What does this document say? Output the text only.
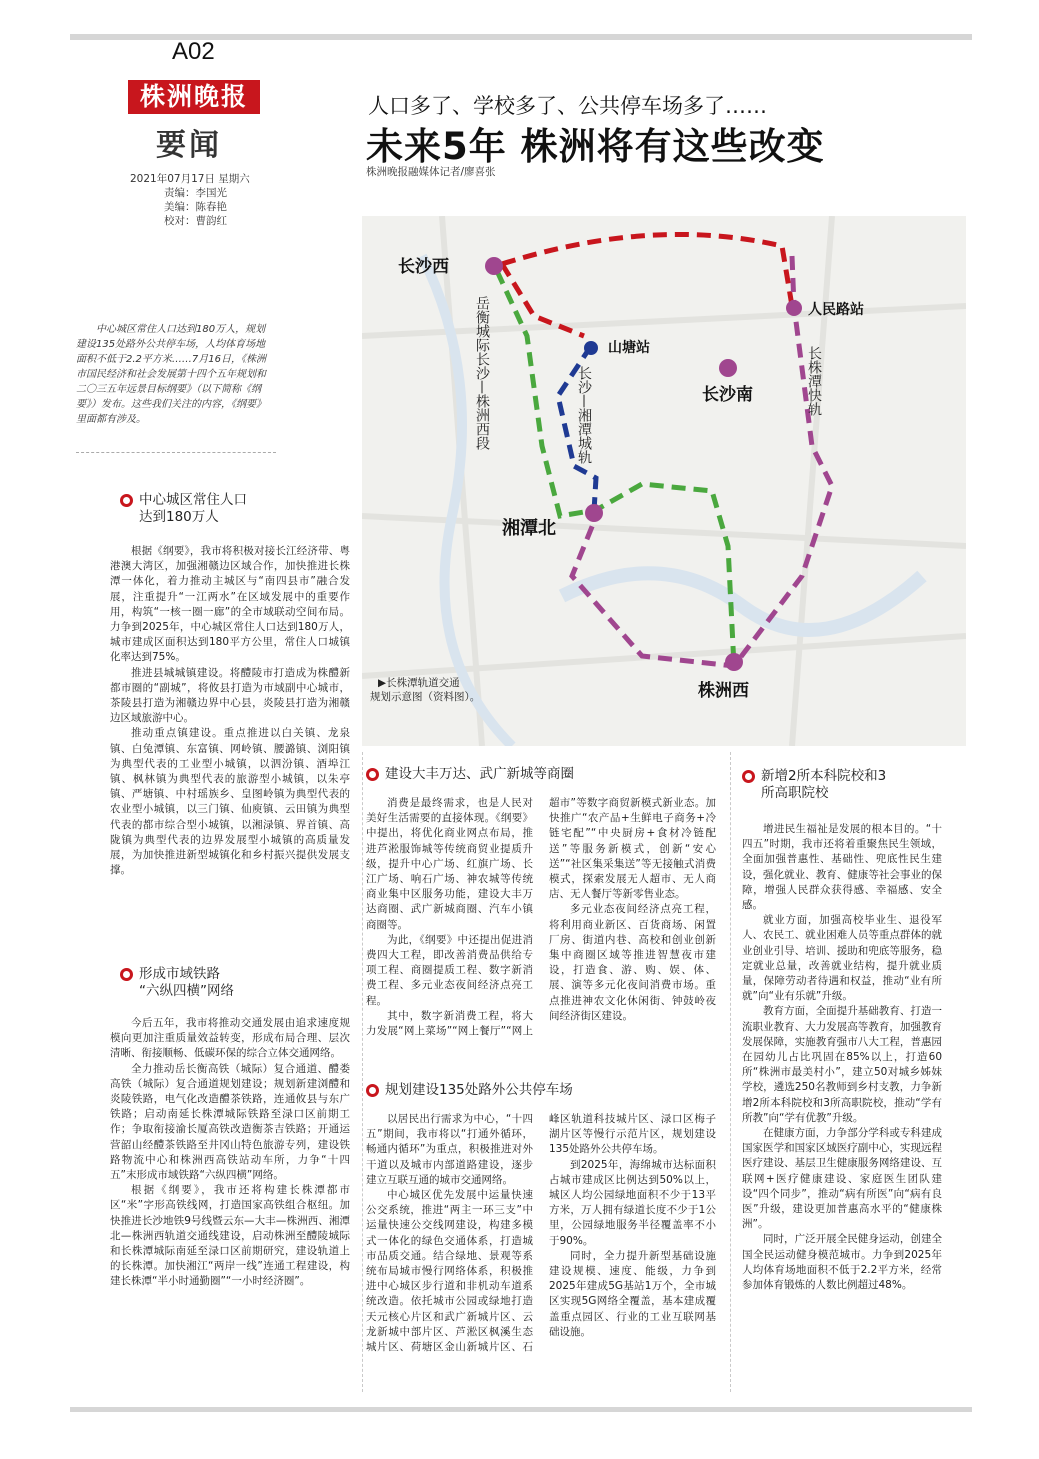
A02
株洲晚报
要闻
2021年07月17日 星期六
责编：李国光
美编：陈春艳
校对：曹韵红
人口多了、学校多了、公共停车场多了……
未来5年 株洲将有这些改变
株洲晚报融媒体记者/廖喜张
中心城区常住人口达到180万人，规划建设135处路外公共停车场，人均体育场地面积不低于2.2平方米……7月16日，《株洲市国民经济和社会发展第十四个五年规划和二〇三五年远景目标纲要》（以下简称《纲要》）发布。这些我们关注的内容，《纲要》里面都有涉及。
长沙西
人民路站
山塘站
长沙南
湘潭北
株洲西
岳衡城际长沙—株洲西段	长沙—湘潭城轨	长株潭快轨
▶长株潭轨道交通
规划示意图（资料图）。
中心城区常住人口
达到180万人

根据《纲要》，我市将积极对接长江经济带、粤港澳大湾区，加强湘赣边区域合作，加快推进长株潭一体化，着力推动主城区与“南四县市”融合发展，注重提升“一江两水”在区域发展中的重要作用，构筑“一核一圈一廊”的全市域联动空间布局。力争到2025年，中心城区常住人口达到180万人，城市建成区面积达到180平方公里，常住人口城镇化率达到75%。

推进县城城镇建设。将醴陵市打造成为株醴新都市圈的“副城”，将攸县打造为市域副中心城市，茶陵县打造为湘赣边界中心县，炎陵县打造为湘赣边区域旅游中心。

推动重点镇建设。重点推进以白关镇、龙泉镇、白兔潭镇、东富镇、网岭镇、腰潞镇、浏阳镇为典型代表的工业型小城镇，以泗汾镇、酒埠江镇、枫林镇为典型代表的旅游型小城镇，以朱亭镇、严塘镇、中村瑶族乡、皇图岭镇为典型代表的农业型小城镇，以三门镇、仙庾镇、云田镇为典型代表的都市综合型小城镇，以湘渌镇、界首镇、高陇镇为典型代表的边界发展型小城镇的高质量发展，为加快推进新型城镇化和乡村振兴提供发展支撑。

形成市域铁路
“六纵四横”网络

今后五年，我市将推动交通发展由追求速度规模向更加注重质量效益转变，形成布局合理、层次清晰、衔接顺畅、低碳环保的综合立体交通网络。

全力推动岳长衡高铁（城际）复合通道、醴娄高铁（城际）复合通道规划建设；规划新建浏醴和炎陵铁路，电气化改造醴茶铁路，连通攸县与东广铁路；启动南延长株潭城际铁路至渌口区前期工作；争取衔接渝长厦高铁改造衡茶吉铁路；开通运营韶山经醴茶铁路至井冈山特色旅游专列，建设铁路物流中心和株洲西高铁站动车所，力争“十四五”末形成市域铁路“六纵四横”网络。

根据《纲要》，我市还将构建长株潭都市区“米”字形高铁线网，打造国家高铁组合枢纽。加快推进长沙地铁9号线暨云东—大丰—株洲西、湘潭北—株洲西轨道交通线建设，启动株洲至醴陵城际和长株潭城际南延至渌口区前期研究，建设轨道上的长株潭。加快湘江“两岸一线”连通工程建设，构建长株潭“半小时通勤圈”“一小时经济圈”。

建设大丰万达、武广新城等商圈

消费是最终需求，也是人民对美好生活需要的直接体现。《纲要》中提出，将优化商业网点布局，推进芦淞服饰城等传统商贸业提质升级，提升中心广场、红旗广场、长江广场、响石广场、神农城等传统商业集中区服务功能，建设大丰万达商圈、武广新城商圈、汽车小镇商圈等。

为此，《纲要》中还提出促进消费四大工程，即改善消费品供给专项工程、商圈提质工程、数字新消费工程、多元业态夜间经济点亮工程。

其中，数字新消费工程，将大力发展“网上菜场”“网上餐厅”“网上超市”等数字商贸新模式新业态。加快推广“农产品+生鲜电子商务+冷链宅配”“中央厨房+食材冷链配送”等服务新模式，创新“安心送”“社区集采集送”等无接触式消费模式，探索发展无人超市、无人商店、无人餐厅等新零售业态。

多元业态夜间经济点亮工程，将利用商业新区、百货商场、闲置厂房、街道内巷、高校和创业创新集中商圈区域等推进智慧夜市建设，打造食、游、购、娱、体、展、演等多元化夜间消费市场。重点推进神农文化休闲街、钟鼓岭夜间经济街区建设。

规划建设135处路外公共停车场

以居民出行需求为中心，“十四五”期间，我市将以“打通外循环，畅通内循环”为重点，积极推进对外干道以及城市内部道路建设，逐步建立互联互通的城市交通网络。

中心城区优先发展中运量快速公交系统，推进“两主一环三支”中运量快速公交线网建设，构建多模式一体化的绿色交通体系，打造城市品质交通。结合绿地、景观等系统布局城市慢行网络体系，积极推进中心城区步行道和非机动车道系统改造。依托城市公园或绿地打造天元核心片区和武广新城片区、云龙新城中部片区、芦淞区枫溪生态城片区、荷塘区金山新城片区、石峰区轨道科技城片区、渌口区梅子湖片区等慢行示范片区，规划建设135处路外公共停车场。

到2025年，海绵城市达标面积占城市建成区比例达到50%以上，城区人均公园绿地面积不少于13平方米，万人拥有绿道长度不少于1公里，公园绿地服务半径覆盖率不小于90%。

同时，全力提升新型基础设施建设规模、速度、能级，力争到2025年建成5G基站1万个，全市城区实现5G网络全覆盖，基本建成覆盖重点园区、行业的工业互联网基础设施。

新增2所本科院校和3
所高职院校

增进民生福祉是发展的根本目的。“十四五”时期，我市还将着重聚焦民生领域，全面加强普惠性、基础性、兜底性民生建设，强化就业、教育、健康等社会事业的保障，增强人民群众获得感、幸福感、安全感。

就业方面，加强高校毕业生、退役军人、农民工、就业困难人员等重点群体的就业创业引导、培训、援助和兜底等服务，稳定就业总量，改善就业结构，提升就业质量，保障劳动者待遇和权益，推动“业有所就”向“业有乐就”升级。

教育方面，全面提升基础教育、打造一流职业教育、大力发展高等教育，加强教育发展保障，实施教育强市八大工程，普惠园在园幼儿占比巩固在85%以上，打造60所“株洲市最美村小”，建立50对城乡姊妹学校，遴选250名教师到乡村支教，力争新增2所本科院校和3所高职院校，推动“学有所教”向“学有优教”升级。

在健康方面，力争部分学科或专科建成国家医学和国家区域医疗副中心，实现远程医疗建设、基层卫生健康服务网络建设、互联网+医疗健康建设、家庭医生团队建设“四个同步”，推动“病有所医”向“病有良医”升级，建设更加普惠高水平的“健康株洲”。

同时，广泛开展全民健身运动，创建全国全民运动健身模范城市。力争到2025年人均体育场地面积不低于2.2平方米，经常参加体育锻炼的人数比例超过48%。
